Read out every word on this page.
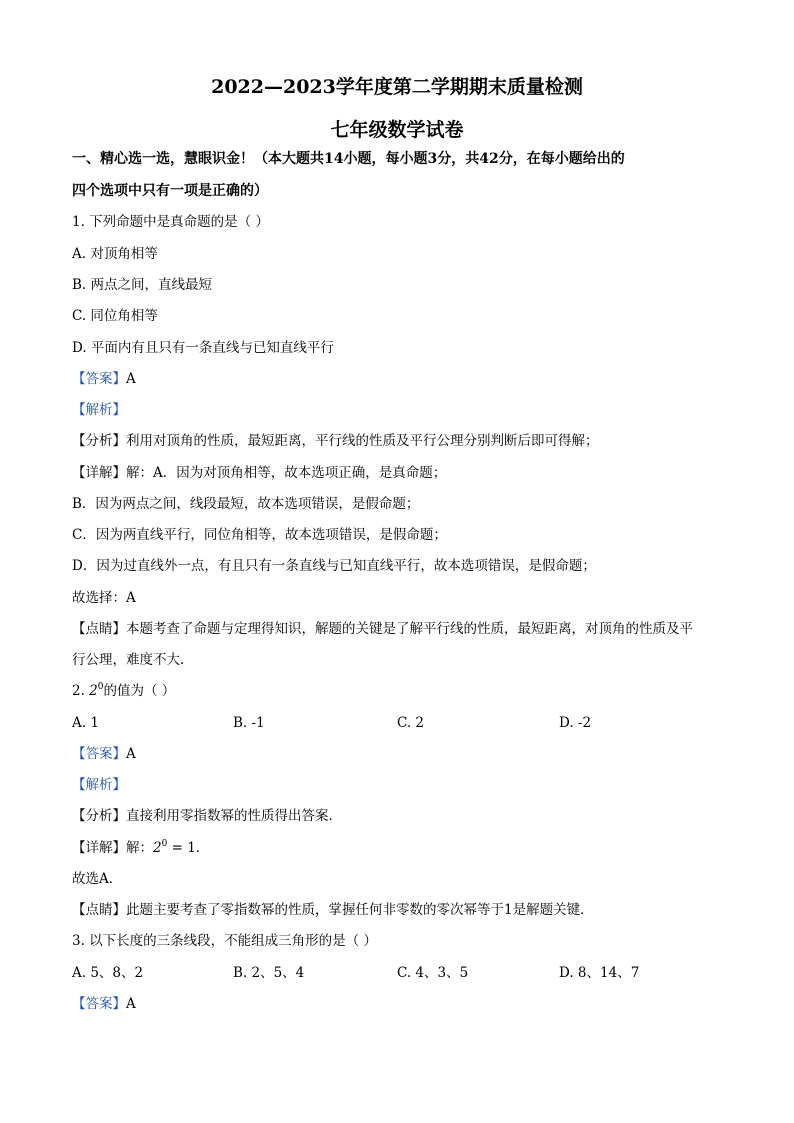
2022—2023学年度第二学期期末质量检测
七年级数学试卷
一、精心选一选，慧眼识金！（本大题共14小题，每小题3分，共42分，在每小题给出的
四个选项中只有一项是正确的）
1. 下列命题中是真命题的是（ ）
A. 对顶角相等
B. 两点之间，直线最短
C. 同位角相等
D. 平面内有且只有一条直线与已知直线平行
【答案】A
【解析】
【分析】利用对顶角的性质，最短距离，平行线的性质及平行公理分别判断后即可得解；
【详解】解：A．因为对顶角相等，故本选项正确，是真命题；
B．因为两点之间，线段最短，故本选项错误，是假命题；
C．因为两直线平行，同位角相等，故本选项错误，是假命题；
D．因为过直线外一点，有且只有一条直线与已知直线平行，故本选项错误，是假命题；
故选择：A
【点睛】本题考查了命题与定理得知识，解题的关键是了解平行线的性质，最短距离，对顶角的性质及平
行公理，难度不大．
2. $2^0$的值为（ ）
A. 1	B. -1	C. 2	D. -2
【答案】A
【解析】
【分析】直接利用零指数幂的性质得出答案．
【详解】解：$2^0 = 1$．
故选A．
【点睛】此题主要考查了零指数幂的性质，掌握任何非零数的零次幂等于1是解题关键．
3. 以下长度的三条线段，不能组成三角形的是（ ）
A. 5、8、2	B. 2、5、4	C. 4、3、5	D. 8、14、7
【答案】A
